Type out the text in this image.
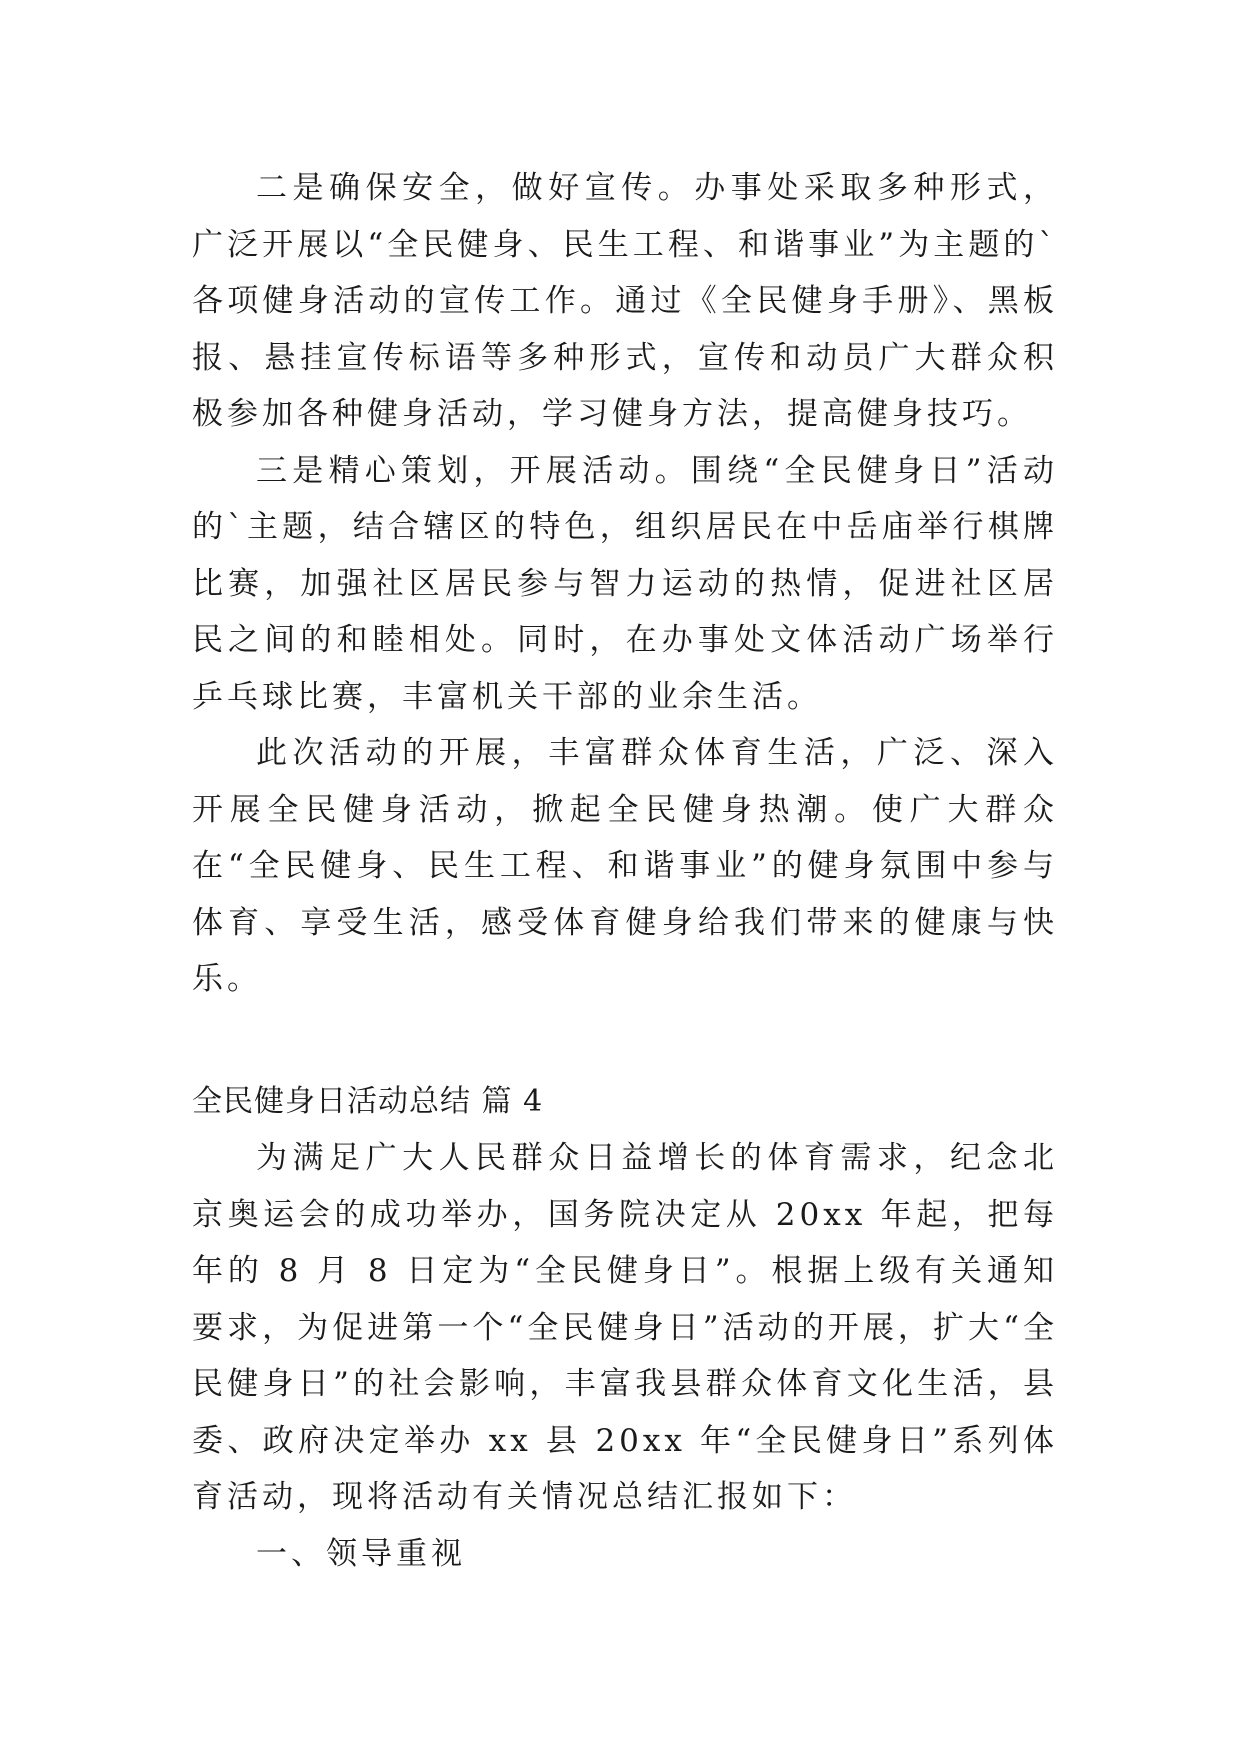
二是确保安全，做好宣传。办事处采取多种形式，广泛开展以“全民健身、民生工程、和谐事业”为主题的`各项健身活动的宣传工作。通过《全民健身手册》、黑板报、悬挂宣传标语等多种形式，宣传和动员广大群众积极参加各种健身活动，学习健身方法，提高健身技巧。

三是精心策划，开展活动。围绕“全民健身日”活动的`主题，结合辖区的特色，组织居民在中岳庙举行棋牌比赛，加强社区居民参与智力运动的热情，促进社区居民之间的和睦相处。同时，在办事处文体活动广场举行乒乓球比赛，丰富机关干部的业余生活。

此次活动的开展，丰富群众体育生活，广泛、深入开展全民健身活动，掀起全民健身热潮。使广大群众在“全民健身、民生工程、和谐事业”的健身氛围中参与体育、享受生活，感受体育健身给我们带来的健康与快乐。

全民健身日活动总结 篇 4

为满足广大人民群众日益增长的体育需求，纪念北京奥运会的成功举办，国务院决定从 20xx 年起，把每年的 8 月 8 日定为“全民健身日”。根据上级有关通知要求，为促进第一个“全民健身日”活动的开展，扩大“全民健身日”的社会影响，丰富我县群众体育文化生活，县委、政府决定举办 xx 县 20xx 年“全民健身日”系列体育活动，现将活动有关情况总结汇报如下：

一、领导重视
